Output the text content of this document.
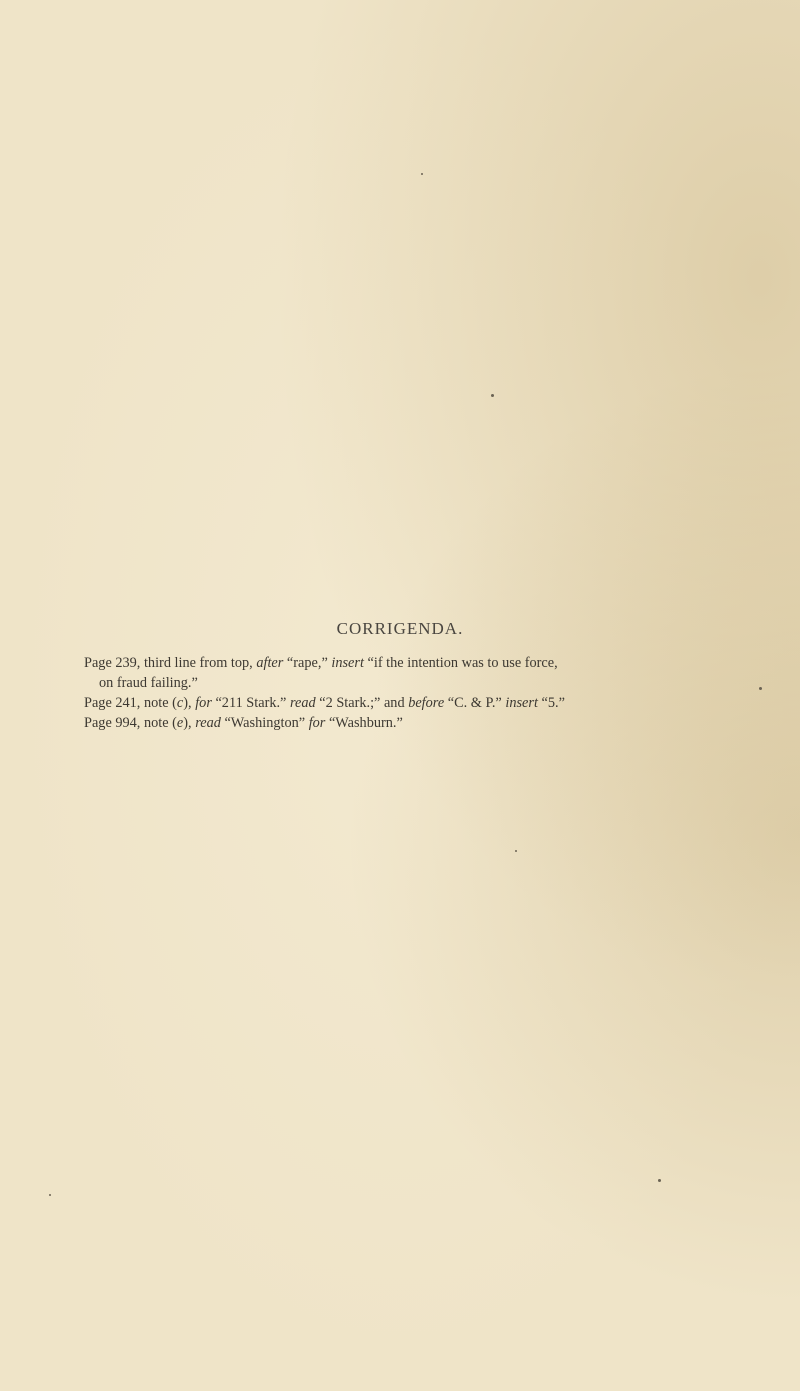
CORRIGENDA.
Page 239, third line from top, after “rape,” insert “if the intention was to use force,
on fraud failing.”
Page 241, note (c), for “211 Stark.” read “2 Stark.;” and before “C. & P.” insert “5.”
Page 994, note (e), read “Washington” for “Washburn.”
